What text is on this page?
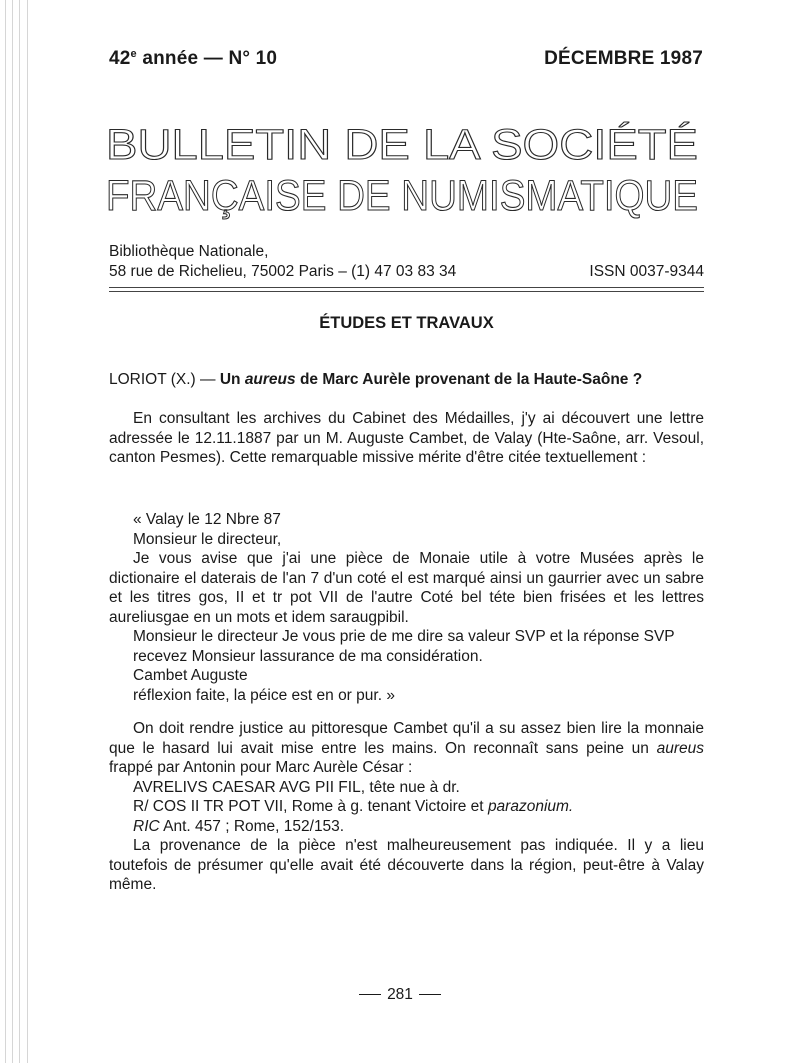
42e année — N° 10	DÉCEMBRE 1987
BULLETIN DE LA SOCIÉTÉ
FRANÇAISE DE NUMISMATIQUE
Bibliothèque Nationale,
58 rue de Richelieu, 75002 Paris – (1) 47 03 83 34	ISSN 0037-9344
ÉTUDES ET TRAVAUX
LORIOT (X.) — Un aureus de Marc Aurèle provenant de la Haute-Saône ?
En consultant les archives du Cabinet des Médailles, j'y ai découvert une lettre adressée le 12.11.1887 par un M. Auguste Cambet, de Valay (Hte-Saône, arr. Vesoul, canton Pesmes). Cette remarquable missive mérite d'être citée textuellement :
« Valay le 12 Nbre 87
Monsieur le directeur,
Je vous avise que j'ai une pièce de Monaie utile à votre Musées après le dictionaire el daterais de l'an 7 d'un coté el est marqué ainsi un gaurrier avec un sabre et les titres gos, II et tr pot VII de l'autre Coté bel téte bien frisées et les lettres aureliusgae en un mots et idem saraugpibil.
Monsieur le directeur Je vous prie de me dire sa valeur SVP et la réponse SVP recevez Monsieur lassurance de ma considération.
Cambet Auguste
réflexion faite, la péice est en or pur. »
On doit rendre justice au pittoresque Cambet qu'il a su assez bien lire la monnaie que le hasard lui avait mise entre les mains. On reconnaît sans peine un aureus frappé par Antonin pour Marc Aurèle César :
AVRELIVS CAESAR AVG PII FIL, tête nue à dr.
R/ COS II TR POT VII, Rome à g. tenant Victoire et parazonium.
RIC Ant. 457 ; Rome, 152/153.
La provenance de la pièce n'est malheureusement pas indiquée. Il y a lieu toutefois de présumer qu'elle avait été découverte dans la région, peut-être à Valay même.
281
